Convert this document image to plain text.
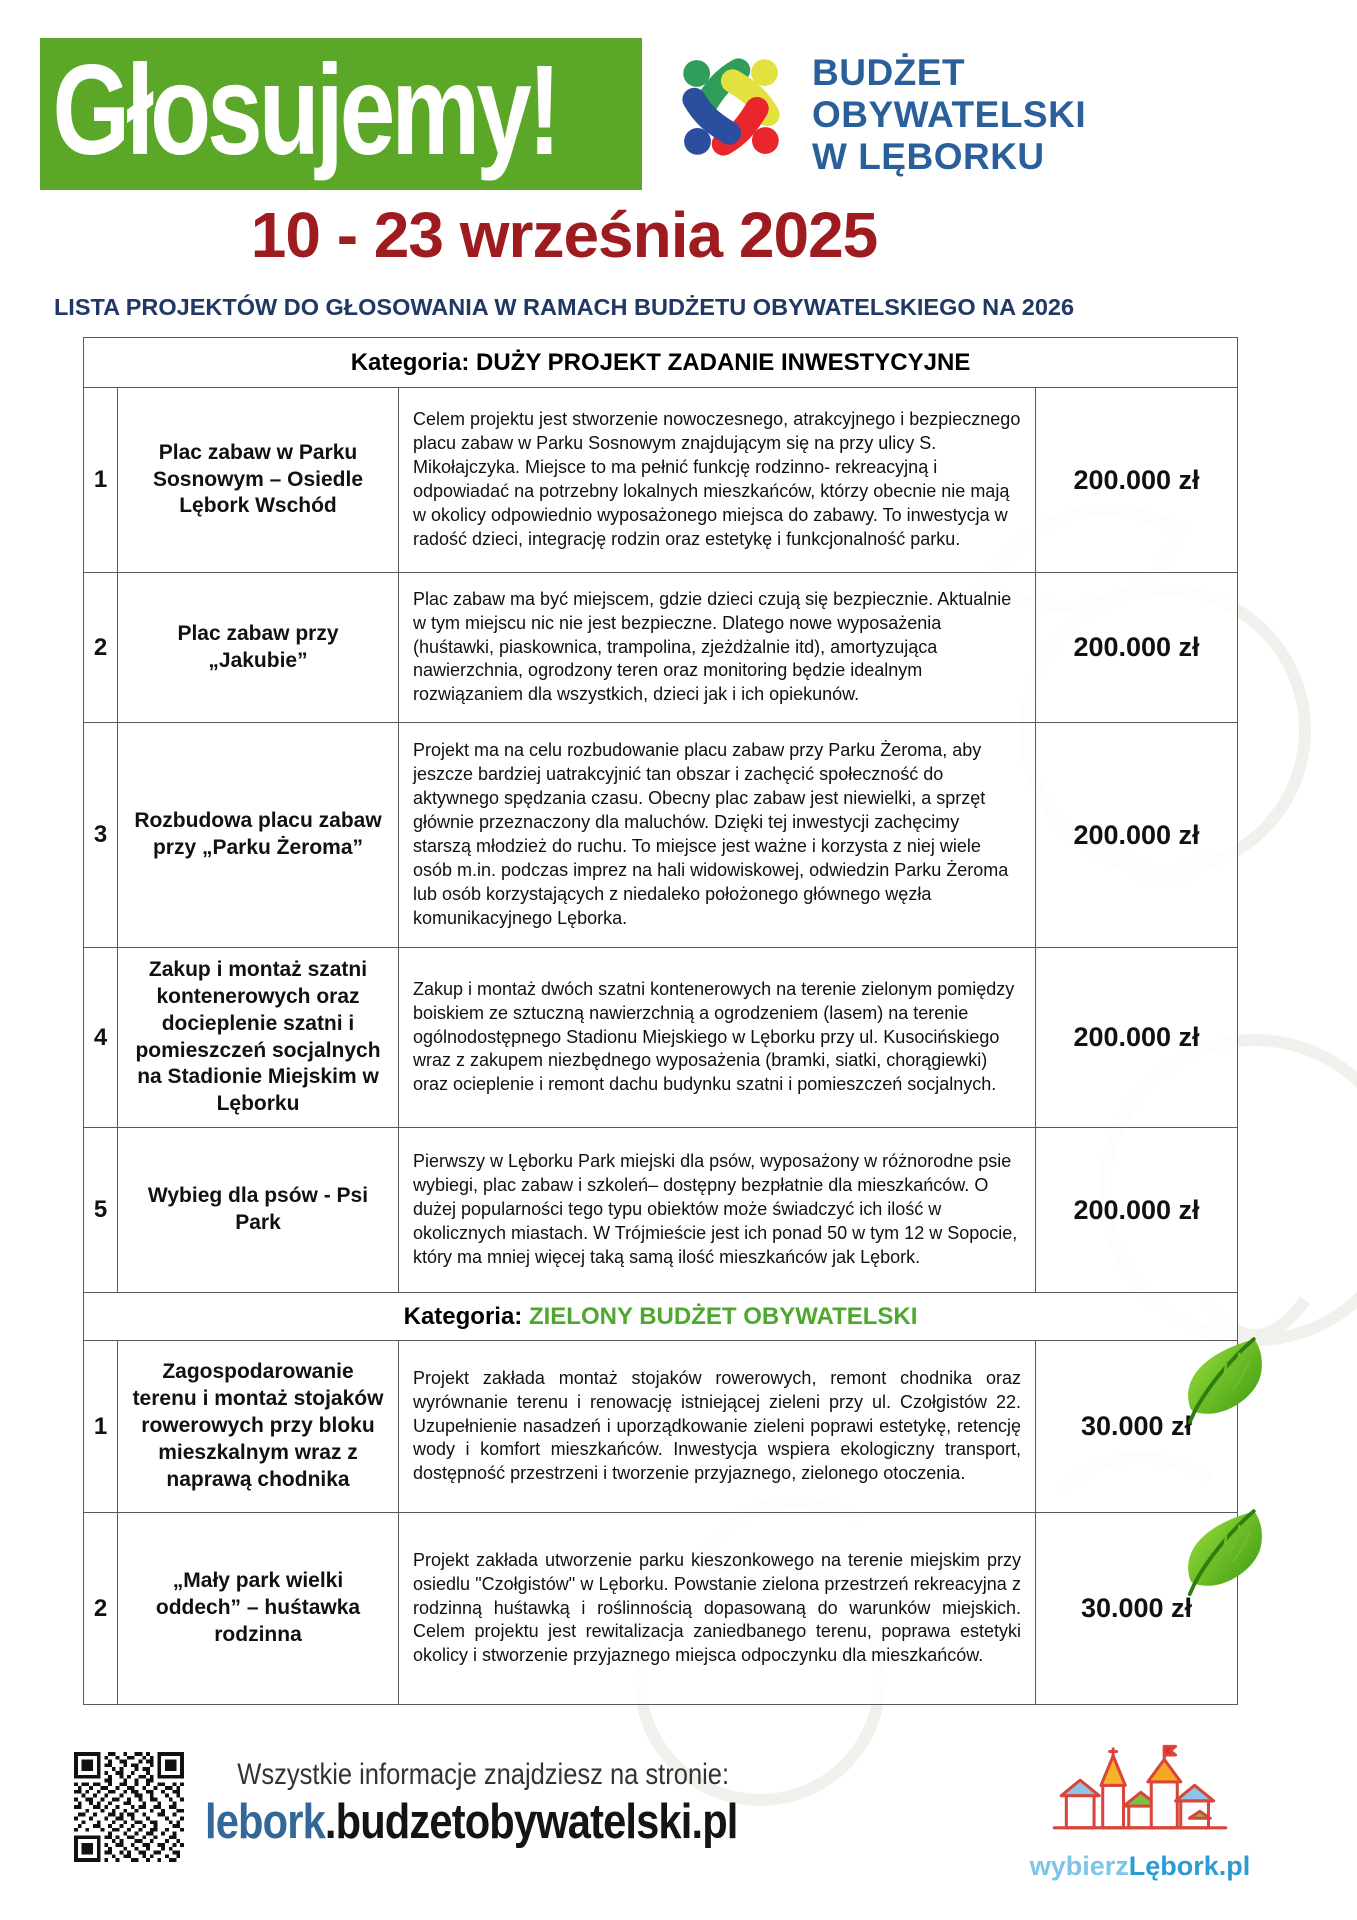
Głosujemy!	BUDŻET
OBYWATELSKI
W LĘBORKU
10 - 23 września 2025
LISTA PROJEKTÓW DO GŁOSOWANIA W RAMACH BUDŻETU OBYWATELSKIEGO NA 2026
Kategoria: DUŻY PROJEKT ZADANIE INWESTYCYJNE			
1	Plac zabaw w Parku Sosnowym – Osiedle Lębork Wschód	Celem projektu jest stworzenie nowoczesnego, atrakcyjnego i bezpiecznego placu zabaw w Parku Sosnowym znajdującym się na przy ulicy S. Mikołajczyka. Miejsce to ma pełnić funkcję rodzinno- rekreacyjną i odpowiadać na potrzebny lokalnych mieszkańców, którzy obecnie nie mają w okolicy odpowiednio wyposażonego miejsca do zabawy. To inwestycja w radość dzieci, integrację rodzin oraz estetykę i funkcjonalność parku.	200.000 zł
2	Plac zabaw przy „Jakubie”	Plac zabaw ma być miejscem, gdzie dzieci czują się bezpiecznie. Aktualnie w tym miejscu nic nie jest bezpieczne. Dlatego nowe wyposażenia (huśtawki, piaskownica, trampolina, zjeżdżalnie itd), amortyzująca nawierzchnia, ogrodzony teren oraz monitoring będzie idealnym rozwiązaniem dla wszystkich, dzieci jak i ich opiekunów.	200.000 zł
3	Rozbudowa placu zabaw przy „Parku Żeroma”	Projekt ma na celu rozbudowanie placu zabaw przy Parku Żeroma, aby jeszcze bardziej uatrakcyjnić tan obszar i zachęcić społeczność do aktywnego spędzania czasu. Obecny plac zabaw jest niewielki, a sprzęt głównie przeznaczony dla maluchów. Dzięki tej inwestycji zachęcimy starszą młodzież do ruchu. To miejsce jest ważne i korzysta z niej wiele osób m.in. podczas imprez na hali widowiskowej, odwiedzin Parku Żeroma lub osób korzystających z niedaleko położonego głównego węzła komunikacyjnego Lęborka.	200.000 zł
4	Zakup i montaż szatni kontenerowych oraz docieplenie szatni i pomieszczeń socjalnych na Stadionie Miejskim w Lęborku	Zakup i montaż dwóch szatni kontenerowych na terenie zielonym pomiędzy boiskiem ze sztuczną nawierzchnią a ogrodzeniem (lasem) na terenie ogólnodostępnego Stadionu Miejskiego w Lęborku przy ul. Kusocińskiego wraz z zakupem niezbędnego wyposażenia (bramki, siatki, chorągiewki) oraz ocieplenie i remont dachu budynku szatni i pomieszczeń socjalnych.	200.000 zł
5	Wybieg dla psów - Psi Park	Pierwszy w Lęborku Park miejski dla psów, wyposażony w różnorodne psie wybiegi, plac zabaw i szkoleń– dostępny bezpłatnie dla mieszkańców. O dużej popularności tego typu obiektów może świadczyć ich ilość w okolicznych miastach. W Trójmieście jest ich ponad 50 w tym 12 w Sopocie, który ma mniej więcej taką samą ilość mieszkańców jak Lębork.	200.000 zł
Kategoria: ZIELONY BUDŻET OBYWATELSKI			
1	Zagospodarowanie terenu i montaż stojaków rowerowych przy bloku mieszkalnym wraz z naprawą chodnika	Projekt zakłada montaż stojaków rowerowych, remont chodnika oraz wyrównanie terenu i renowację istniejącej zieleni przy ul. Czołgistów 22. Uzupełnienie nasadzeń i uporządkowanie zieleni poprawi estetykę, retencję wody i komfort mieszkańców. Inwestycja wspiera ekologiczny transport, dostępność przestrzeni i tworzenie przyjaznego, zielonego otoczenia.	30.000 zł

2	„Mały park wielki oddech” – huśtawka rodzinna	Projekt zakłada utworzenie parku kieszonkowego na terenie miejskim przy osiedlu "Czołgistów" w Lęborku. Powstanie zielona przestrzeń rekreacyjna z rodzinną huśtawką i roślinnością dopasowaną do warunków miejskich. Celem projektu jest rewitalizacja zaniedbanego terenu, poprawa estetyki okolicy i stworzenie przyjaznego miejsca odpoczynku dla mieszkańców.	30.000 zł
Wszystkie informacje znajdziesz na stronie:
lebork.budzetobywatelski.pl
wybierzLębork.pl
